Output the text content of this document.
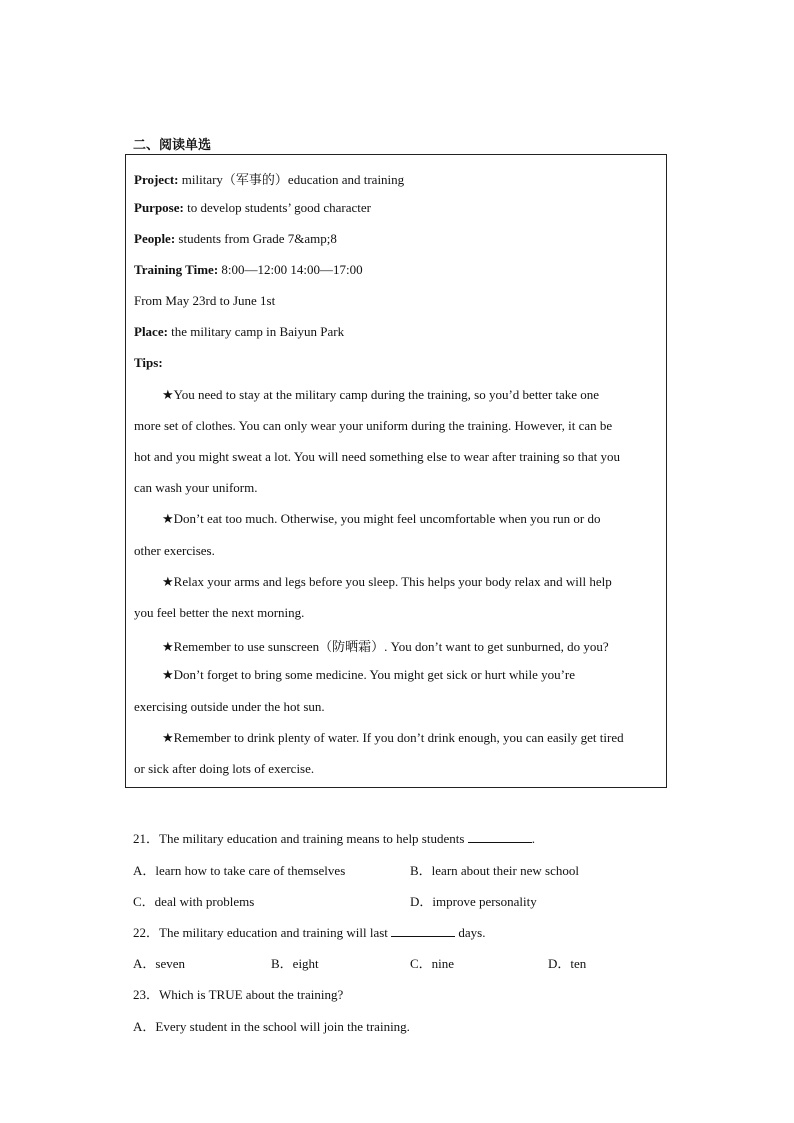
二、阅读单选
Project: military（军事的）education and training
Purpose: to develop students’ good character
People: students from Grade 7&amp;8
Training Time: 8:00—12:00 14:00—17:00
From May 23rd to June 1st
Place: the military camp in Baiyun Park
Tips:
★You need to stay at the military camp during the training, so you’d better take one
more set of clothes. You can only wear your uniform during the training. However, it can be
hot and you might sweat a lot. You will need something else to wear after training so that you
can wash your uniform.
★Don’t eat too much. Otherwise, you might feel uncomfortable when you run or do
other exercises.
★Relax your arms and legs before you sleep. This helps your body relax and will help
you feel better the next morning.
★Remember to use sunscreen（防晒霜）. You don’t want to get sunburned, do you?
★Don’t forget to bring some medicine. You might get sick or hurt while you’re
exercising outside under the hot sun.
★Remember to drink plenty of water. If you don’t drink enough, you can easily get tired
or sick after doing lots of exercise.
21．The military education and training means to help students	.
A．learn how to take care of themselves	B．learn about their new school
C．deal with problems	D．improve personality
22．The military education and training will last	days.
A．seven	B．eight	C．nine	D．ten
23．Which is TRUE about the training?
A．Every student in the school will join the training.
